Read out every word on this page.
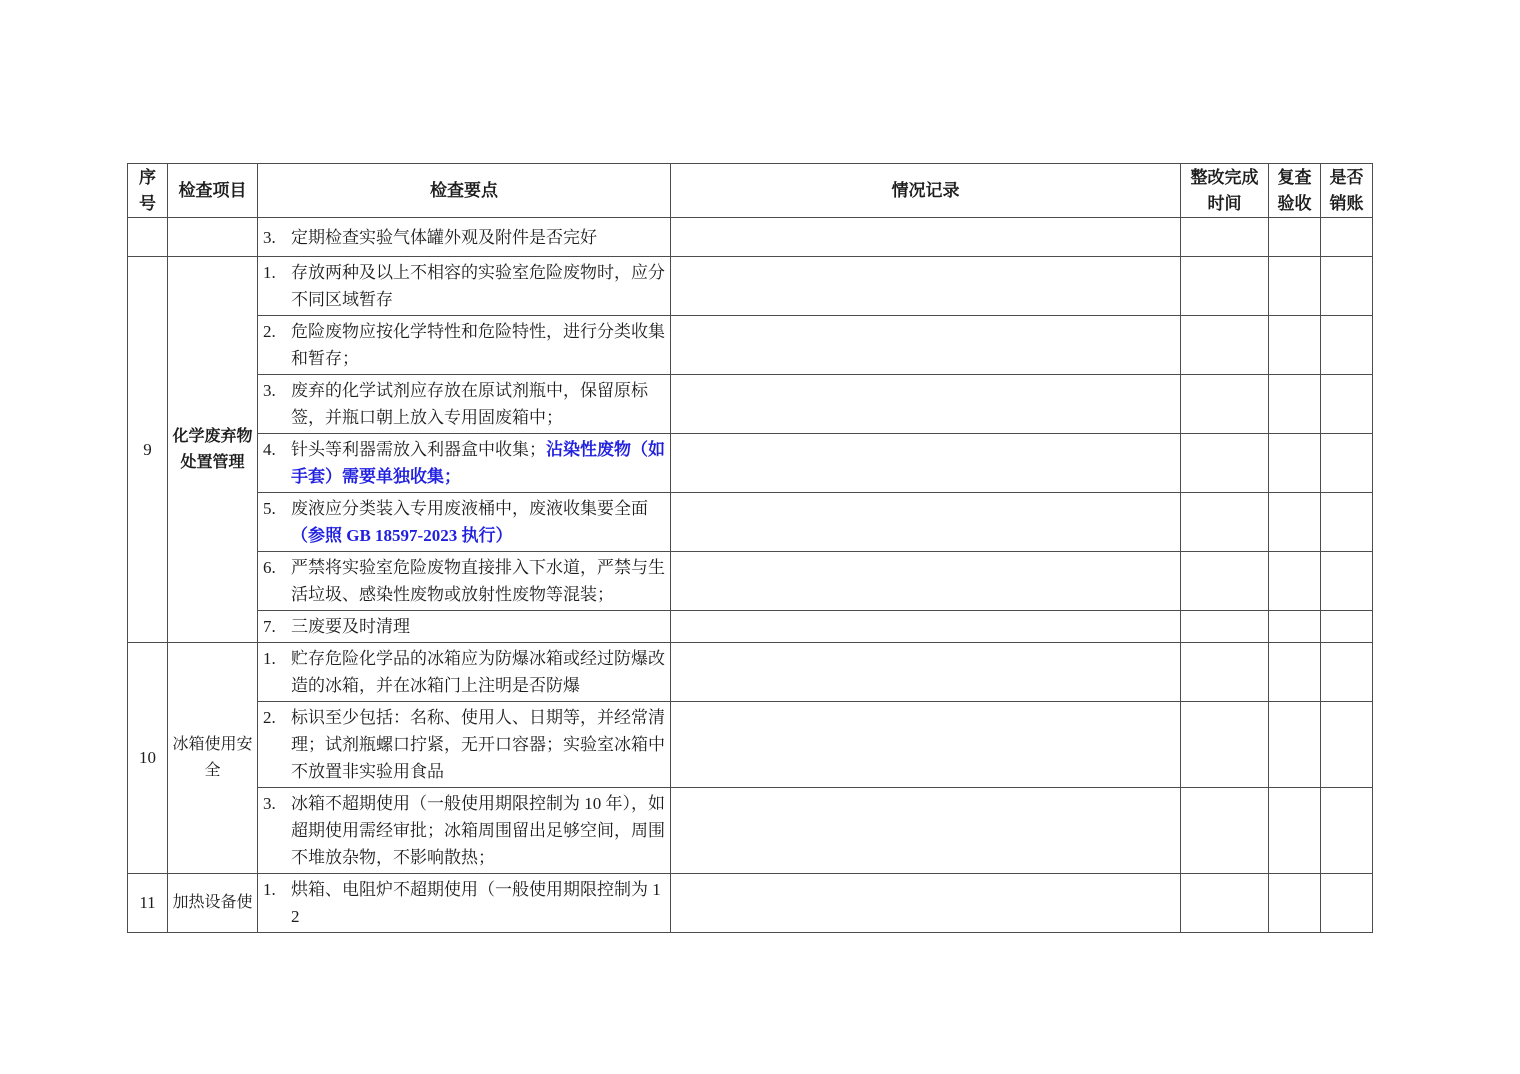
序号	检查项目	检查要点	情况记录	整改完成时间	复查验收	是否销账

		3. 定期检查实验气体罐外观及附件是否完好				

9	化学废弃物处置管理	1. 存放两种及以上不相容的实验室危险废物时，应分不同区域暂存				

		2. 危险废物应按化学特性和危险特性，进行分类收集和暂存；				

		3. 废弃的化学试剂应存放在原试剂瓶中，保留原标签，并瓶口朝上放入专用固废箱中；				

		4. 针头等利器需放入利器盒中收集；沾染性废物（如手套）需要单独收集；				

		5. 废液应分类装入专用废液桶中，废液收集要全面（参照 GB 18597-2023 执行）				

		6. 严禁将实验室危险废物直接排入下水道，严禁与生活垃圾、感染性废物或放射性废物等混装；				

		7. 三废要及时清理				

10	冰箱使用安全	1. 贮存危险化学品的冰箱应为防爆冰箱或经过防爆改造的冰箱，并在冰箱门上注明是否防爆				

		2. 标识至少包括：名称、使用人、日期等，并经常清理；试剂瓶螺口拧紧，无开口容器；实验室冰箱中不放置非实验用食品				

		3. 冰箱不超期使用（一般使用期限控制为 10 年），如超期使用需经审批；冰箱周围留出足够空间，周围不堆放杂物，不影响散热；				

11	加热设备使	1. 烘箱、电阻炉不超期使用（一般使用期限控制为 12				
